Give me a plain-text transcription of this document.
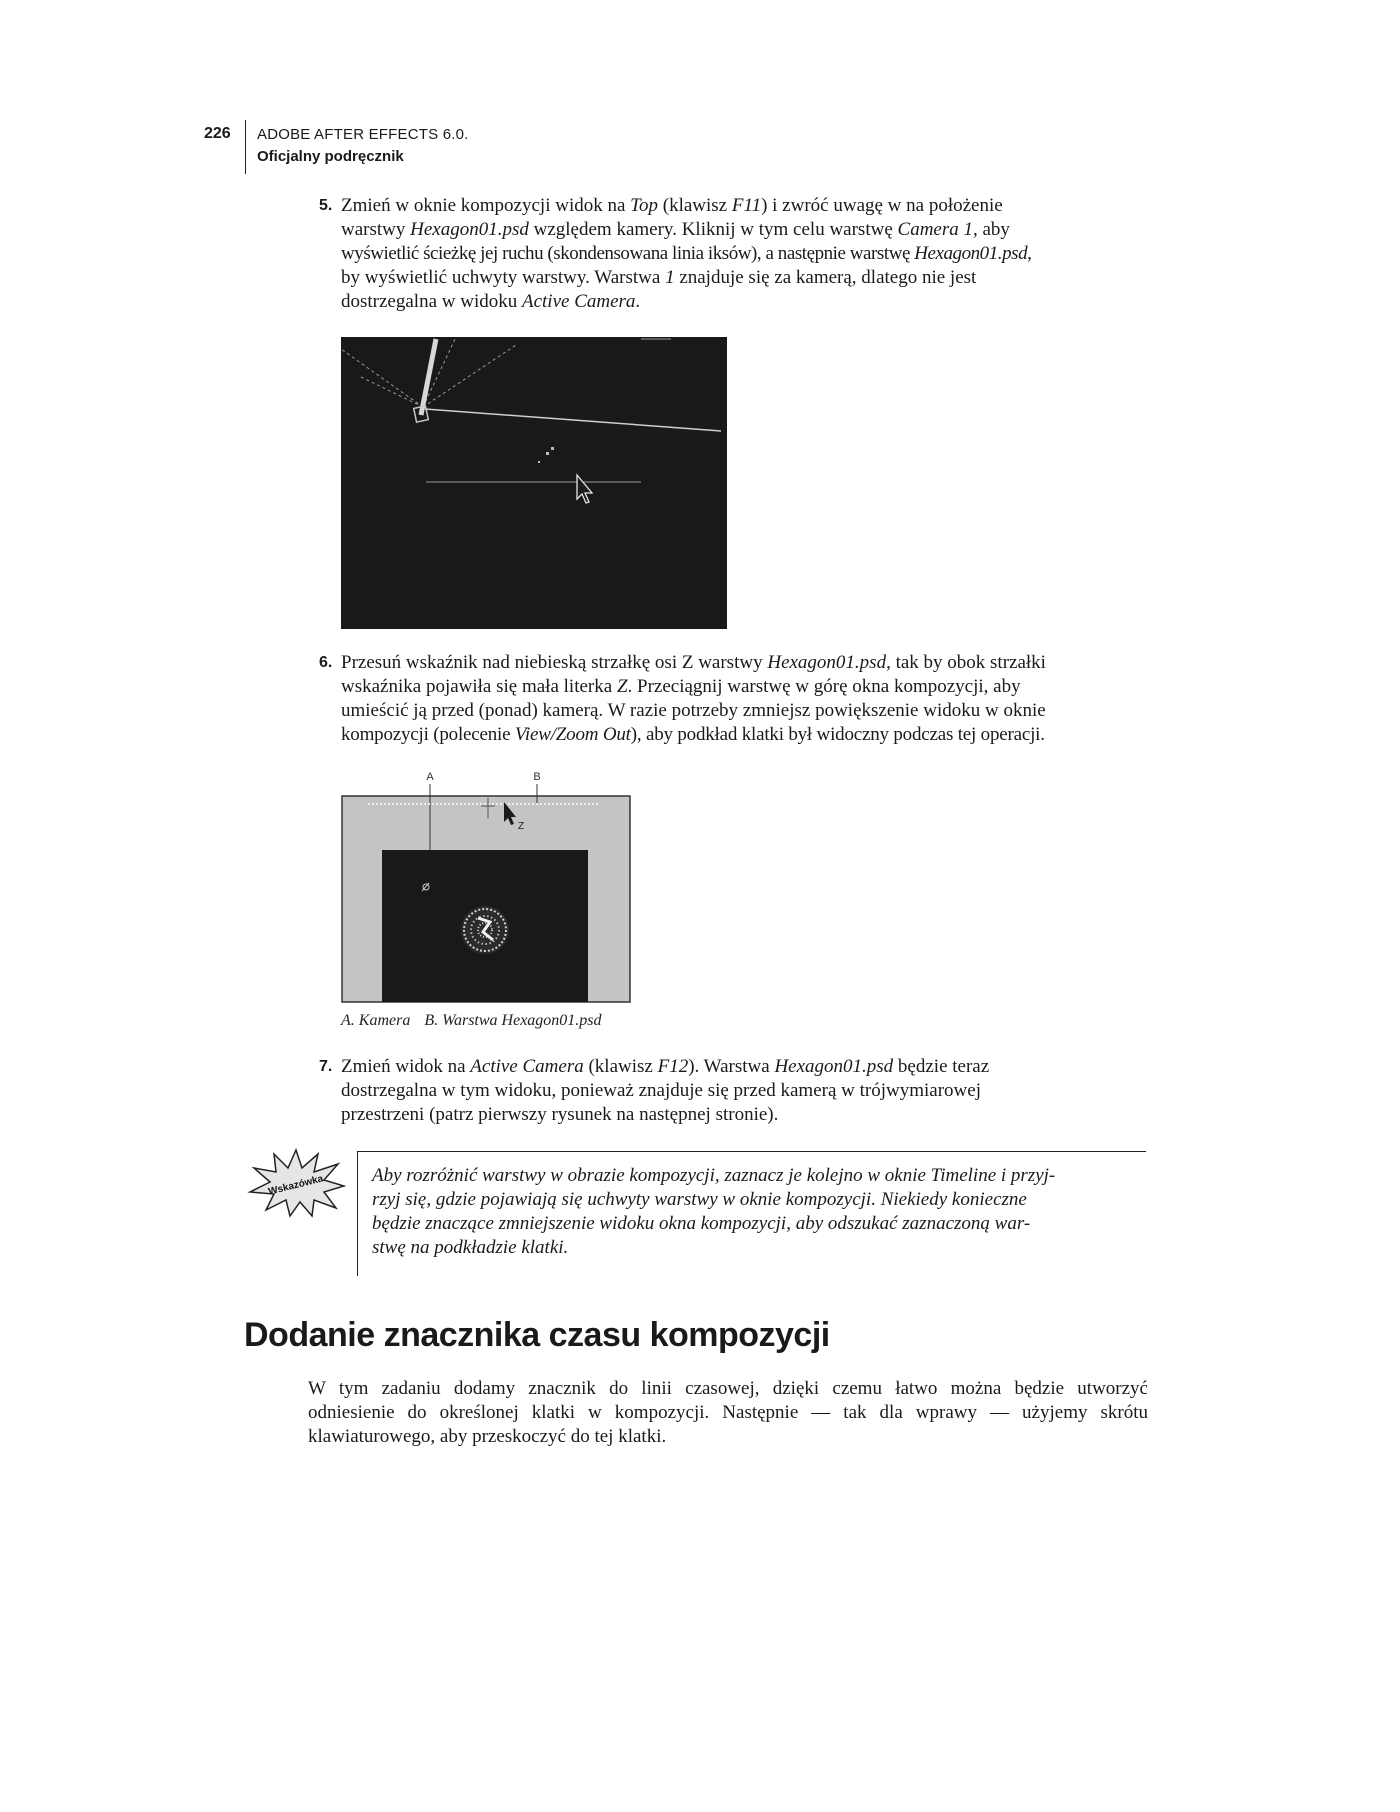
226 ADOBE AFTER EFFECTS 6.0.
Oficjalny podręcznik
5. Zmień w oknie kompozycji widok na Top (klawisz F11) i zwróć uwagę w na położenie
warstwy Hexagon01.psd względem kamery. Kliknij w tym celu warstwę Camera 1, aby
wyświetlić ścieżkę jej ruchu (skondensowana linia iksów), a następnie warstwę Hexagon01.psd,
by wyświetlić uchwyty warstwy. Warstwa 1 znajduje się za kamerą, dlatego nie jest
dostrzegalna w widoku Active Camera.
6. Przesuń wskaźnik nad niebieską strzałkę osi Z warstwy Hexagon01.psd, tak by obok strzałki
wskaźnika pojawiła się mała literka Z. Przeciągnij warstwę w górę okna kompozycji, aby
umieścić ją przed (ponad) kamerą. W razie potrzeby zmniejsz powiększenie widoku w oknie
kompozycji (polecenie View/Zoom Out), aby podkład klatki był widoczny podczas tej operacji.
A	B
Z
A. Kamera B. Warstwa Hexagon01.psd
7. Zmień widok na Active Camera (klawisz F12). Warstwa Hexagon01.psd będzie teraz
dostrzegalna w tym widoku, ponieważ znajduje się przed kamerą w trójwymiarowej
przestrzeni (patrz pierwszy rysunek na następnej stronie).
Wskazówka	Aby rozróżnić warstwy w obrazie kompozycji, zaznacz je kolejno w oknie Timeline i przyj-
rzyj się, gdzie pojawiają się uchwyty warstwy w oknie kompozycji. Niekiedy konieczne
będzie znaczące zmniejszenie widoku okna kompozycji, aby odszukać zaznaczoną war-
stwę na podkładzie klatki.
Dodanie znacznika czasu kompozycji
W tym zadaniu dodamy znacznik do linii czasowej, dzięki czemu łatwo można będzie utworzyć
odniesienie do określonej klatki w kompozycji. Następnie — tak dla wprawy — użyjemy skrótu
klawiaturowego, aby przeskoczyć do tej klatki.
